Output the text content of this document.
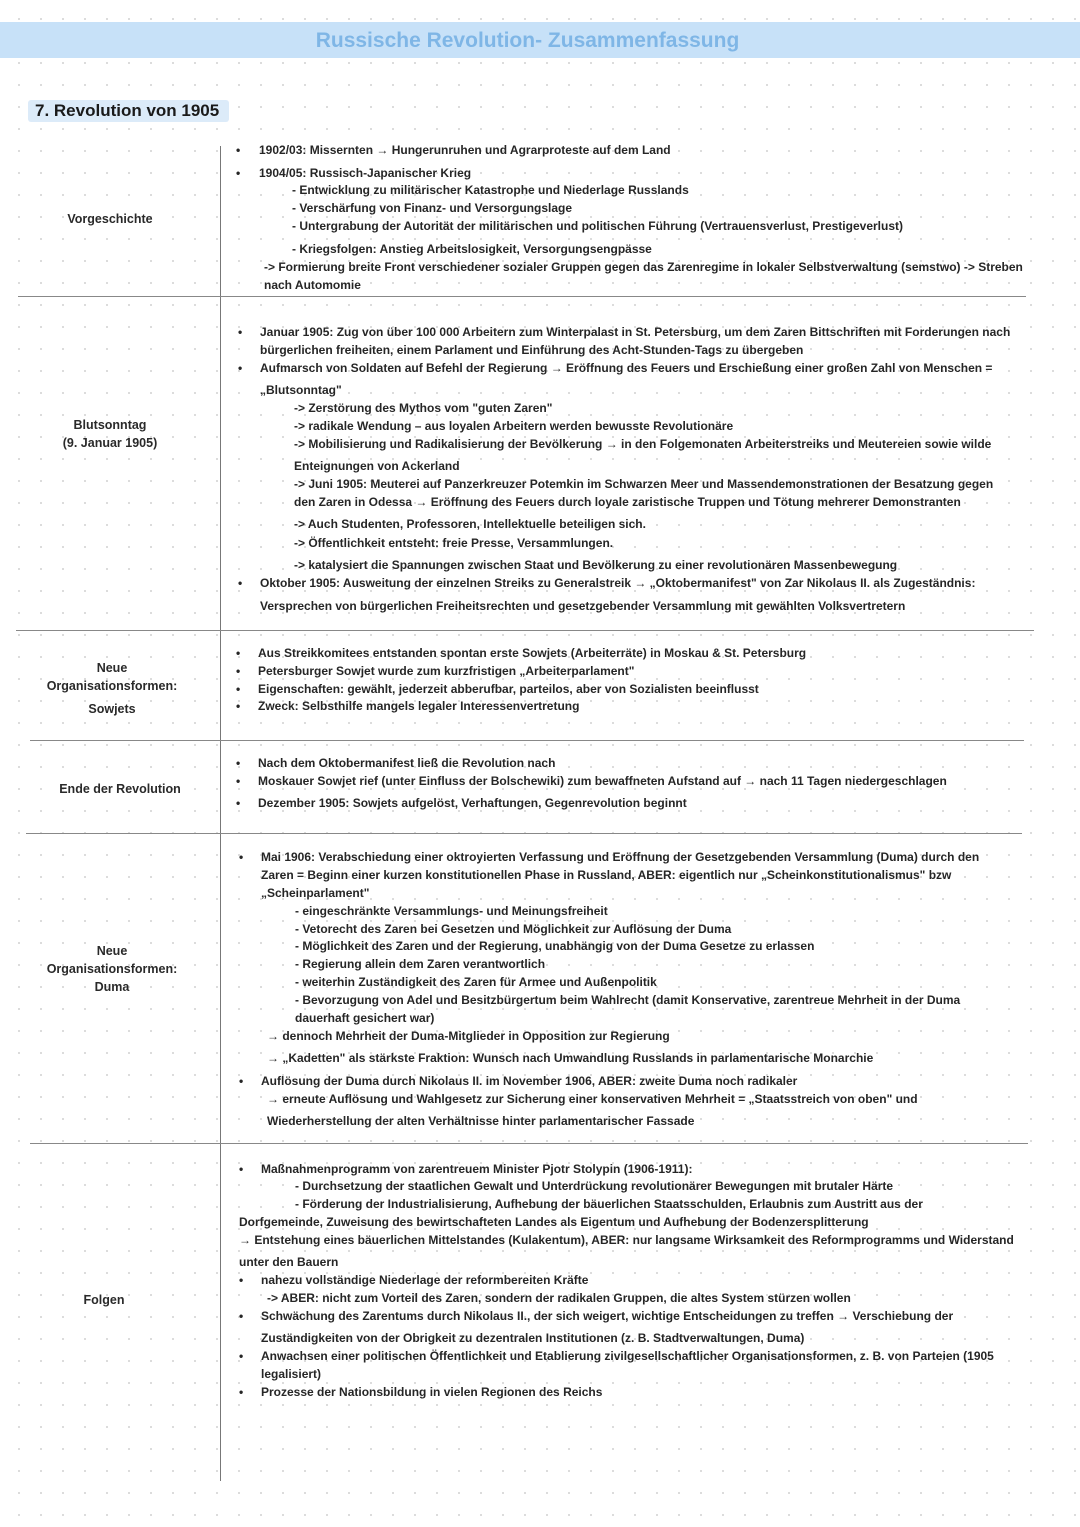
Russische Revolution- Zusammenfassung
7. Revolution von 1905
Vorgeschichte
Blutsonntag
(9. Januar 1905)
Neue
Organisationsformen:
Sowjets
Ende der Revolution
Neue
Organisationsformen:
Duma
Folgen
• 1902/03: Missernten → Hungerunruhen und Agrarproteste auf dem Land
• 1904/05: Russisch-Japanischer Krieg
- Entwicklung zu militärischer Katastrophe und Niederlage Russlands
- Verschärfung von Finanz- und Versorgungslage
- Untergrabung der Autorität der militärischen und politischen Führung (Vertrauensverlust, Prestigeverlust)
- Kriegsfolgen: Anstieg Arbeitslosigkeit, Versorgungsengpässe
-> Formierung breite Front verschiedener sozialer Gruppen gegen das Zarenregime in lokaler Selbstverwaltung (semstwo) -> Streben
nach Automomie
• Januar 1905: Zug von über 100 000 Arbeitern zum Winterpalast in St. Petersburg, um dem Zaren Bittschriften mit Forderungen nach
bürgerlichen freiheiten, einem Parlament und Einführung des Acht-Stunden-Tags zu übergeben
• Aufmarsch von Soldaten auf Befehl der Regierung → Eröffnung des Feuers und Erschießung einer großen Zahl von Menschen =
„Blutsonntag"
-> Zerstörung des Mythos vom "guten Zaren"
-> radikale Wendung – aus loyalen Arbeitern werden bewusste Revolutionäre
-> Mobilisierung und Radikalisierung der Bevölkerung → in den Folgemonaten Arbeiterstreiks und Meutereien sowie wilde
Enteignungen von Ackerland
-> Juni 1905: Meuterei auf Panzerkreuzer Potemkin im Schwarzen Meer und Massendemonstrationen der Besatzung gegen
den Zaren in Odessa → Eröffnung des Feuers durch loyale zaristische Truppen und Tötung mehrerer Demonstranten
-> Auch Studenten, Professoren, Intellektuelle beteiligen sich.
-> Öffentlichkeit entsteht: freie Presse, Versammlungen.
-> katalysiert die Spannungen zwischen Staat und Bevölkerung zu einer revolutionären Massenbewegung
• Oktober 1905: Ausweitung der einzelnen Streiks zu Generalstreik → „Oktobermanifest" von Zar Nikolaus II. als Zugeständnis:
Versprechen von bürgerlichen Freiheitsrechten und gesetzgebender Versammlung mit gewählten Volksvertretern
• Aus Streikkomitees entstanden spontan erste Sowjets (Arbeiterräte) in Moskau & St. Petersburg
• Petersburger Sowjet wurde zum kurzfristigen „Arbeiterparlament"
• Eigenschaften: gewählt, jederzeit abberufbar, parteilos, aber von Sozialisten beeinflusst
• Zweck: Selbsthilfe mangels legaler Interessenvertretung
• Nach dem Oktobermanifest ließ die Revolution nach
• Moskauer Sowjet rief (unter Einfluss der Bolschewiki) zum bewaffneten Aufstand auf → nach 11 Tagen niedergeschlagen
• Dezember 1905: Sowjets aufgelöst, Verhaftungen, Gegenrevolution beginnt
• Mai 1906: Verabschiedung einer oktroyierten Verfassung und Eröffnung der Gesetzgebenden Versammlung (Duma) durch den
Zaren = Beginn einer kurzen konstitutionellen Phase in Russland, ABER: eigentlich nur „Scheinkonstitutionalismus" bzw
„Scheinparlament"
- eingeschränkte Versammlungs- und Meinungsfreiheit
- Vetorecht des Zaren bei Gesetzen und Möglichkeit zur Auflösung der Duma
- Möglichkeit des Zaren und der Regierung, unabhängig von der Duma Gesetze zu erlassen
- Regierung allein dem Zaren verantwortlich
- weiterhin Zuständigkeit des Zaren für Armee und Außenpolitik
- Bevorzugung von Adel und Besitzbürgertum beim Wahlrecht (damit Konservative, zarentreue Mehrheit in der Duma
dauerhaft gesichert war)
→ dennoch Mehrheit der Duma-Mitglieder in Opposition zur Regierung
→ „Kadetten" als stärkste Fraktion: Wunsch nach Umwandlung Russlands in parlamentarische Monarchie
• Auflösung der Duma durch Nikolaus II. im November 1906, ABER: zweite Duma noch radikaler
→ erneute Auflösung und Wahlgesetz zur Sicherung einer konservativen Mehrheit = „Staatsstreich von oben" und
Wiederherstellung der alten Verhältnisse hinter parlamentarischer Fassade
• Maßnahmenprogramm von zarentreuem Minister Pjotr Stolypin (1906-1911):
- Durchsetzung der staatlichen Gewalt und Unterdrückung revolutionärer Bewegungen mit brutaler Härte
- Förderung der Industrialisierung, Aufhebung der bäuerlichen Staatsschulden, Erlaubnis zum Austritt aus der
Dorfgemeinde, Zuweisung des bewirtschafteten Landes als Eigentum und Aufhebung der Bodenzersplitterung
→ Entstehung eines bäuerlichen Mittelstandes (Kulakentum), ABER: nur langsame Wirksamkeit des Reformprogramms und Widerstand
unter den Bauern
• nahezu vollständige Niederlage der reformbereiten Kräfte
-> ABER: nicht zum Vorteil des Zaren, sondern der radikalen Gruppen, die altes System stürzen wollen
• Schwächung des Zarentums durch Nikolaus II., der sich weigert, wichtige Entscheidungen zu treffen → Verschiebung der
Zuständigkeiten von der Obrigkeit zu dezentralen Institutionen (z. B. Stadtverwaltungen, Duma)
• Anwachsen einer politischen Öffentlichkeit und Etablierung zivilgesellschaftlicher Organisationsformen, z. B. von Parteien (1905
legalisiert)
• Prozesse der Nationsbildung in vielen Regionen des Reichs
